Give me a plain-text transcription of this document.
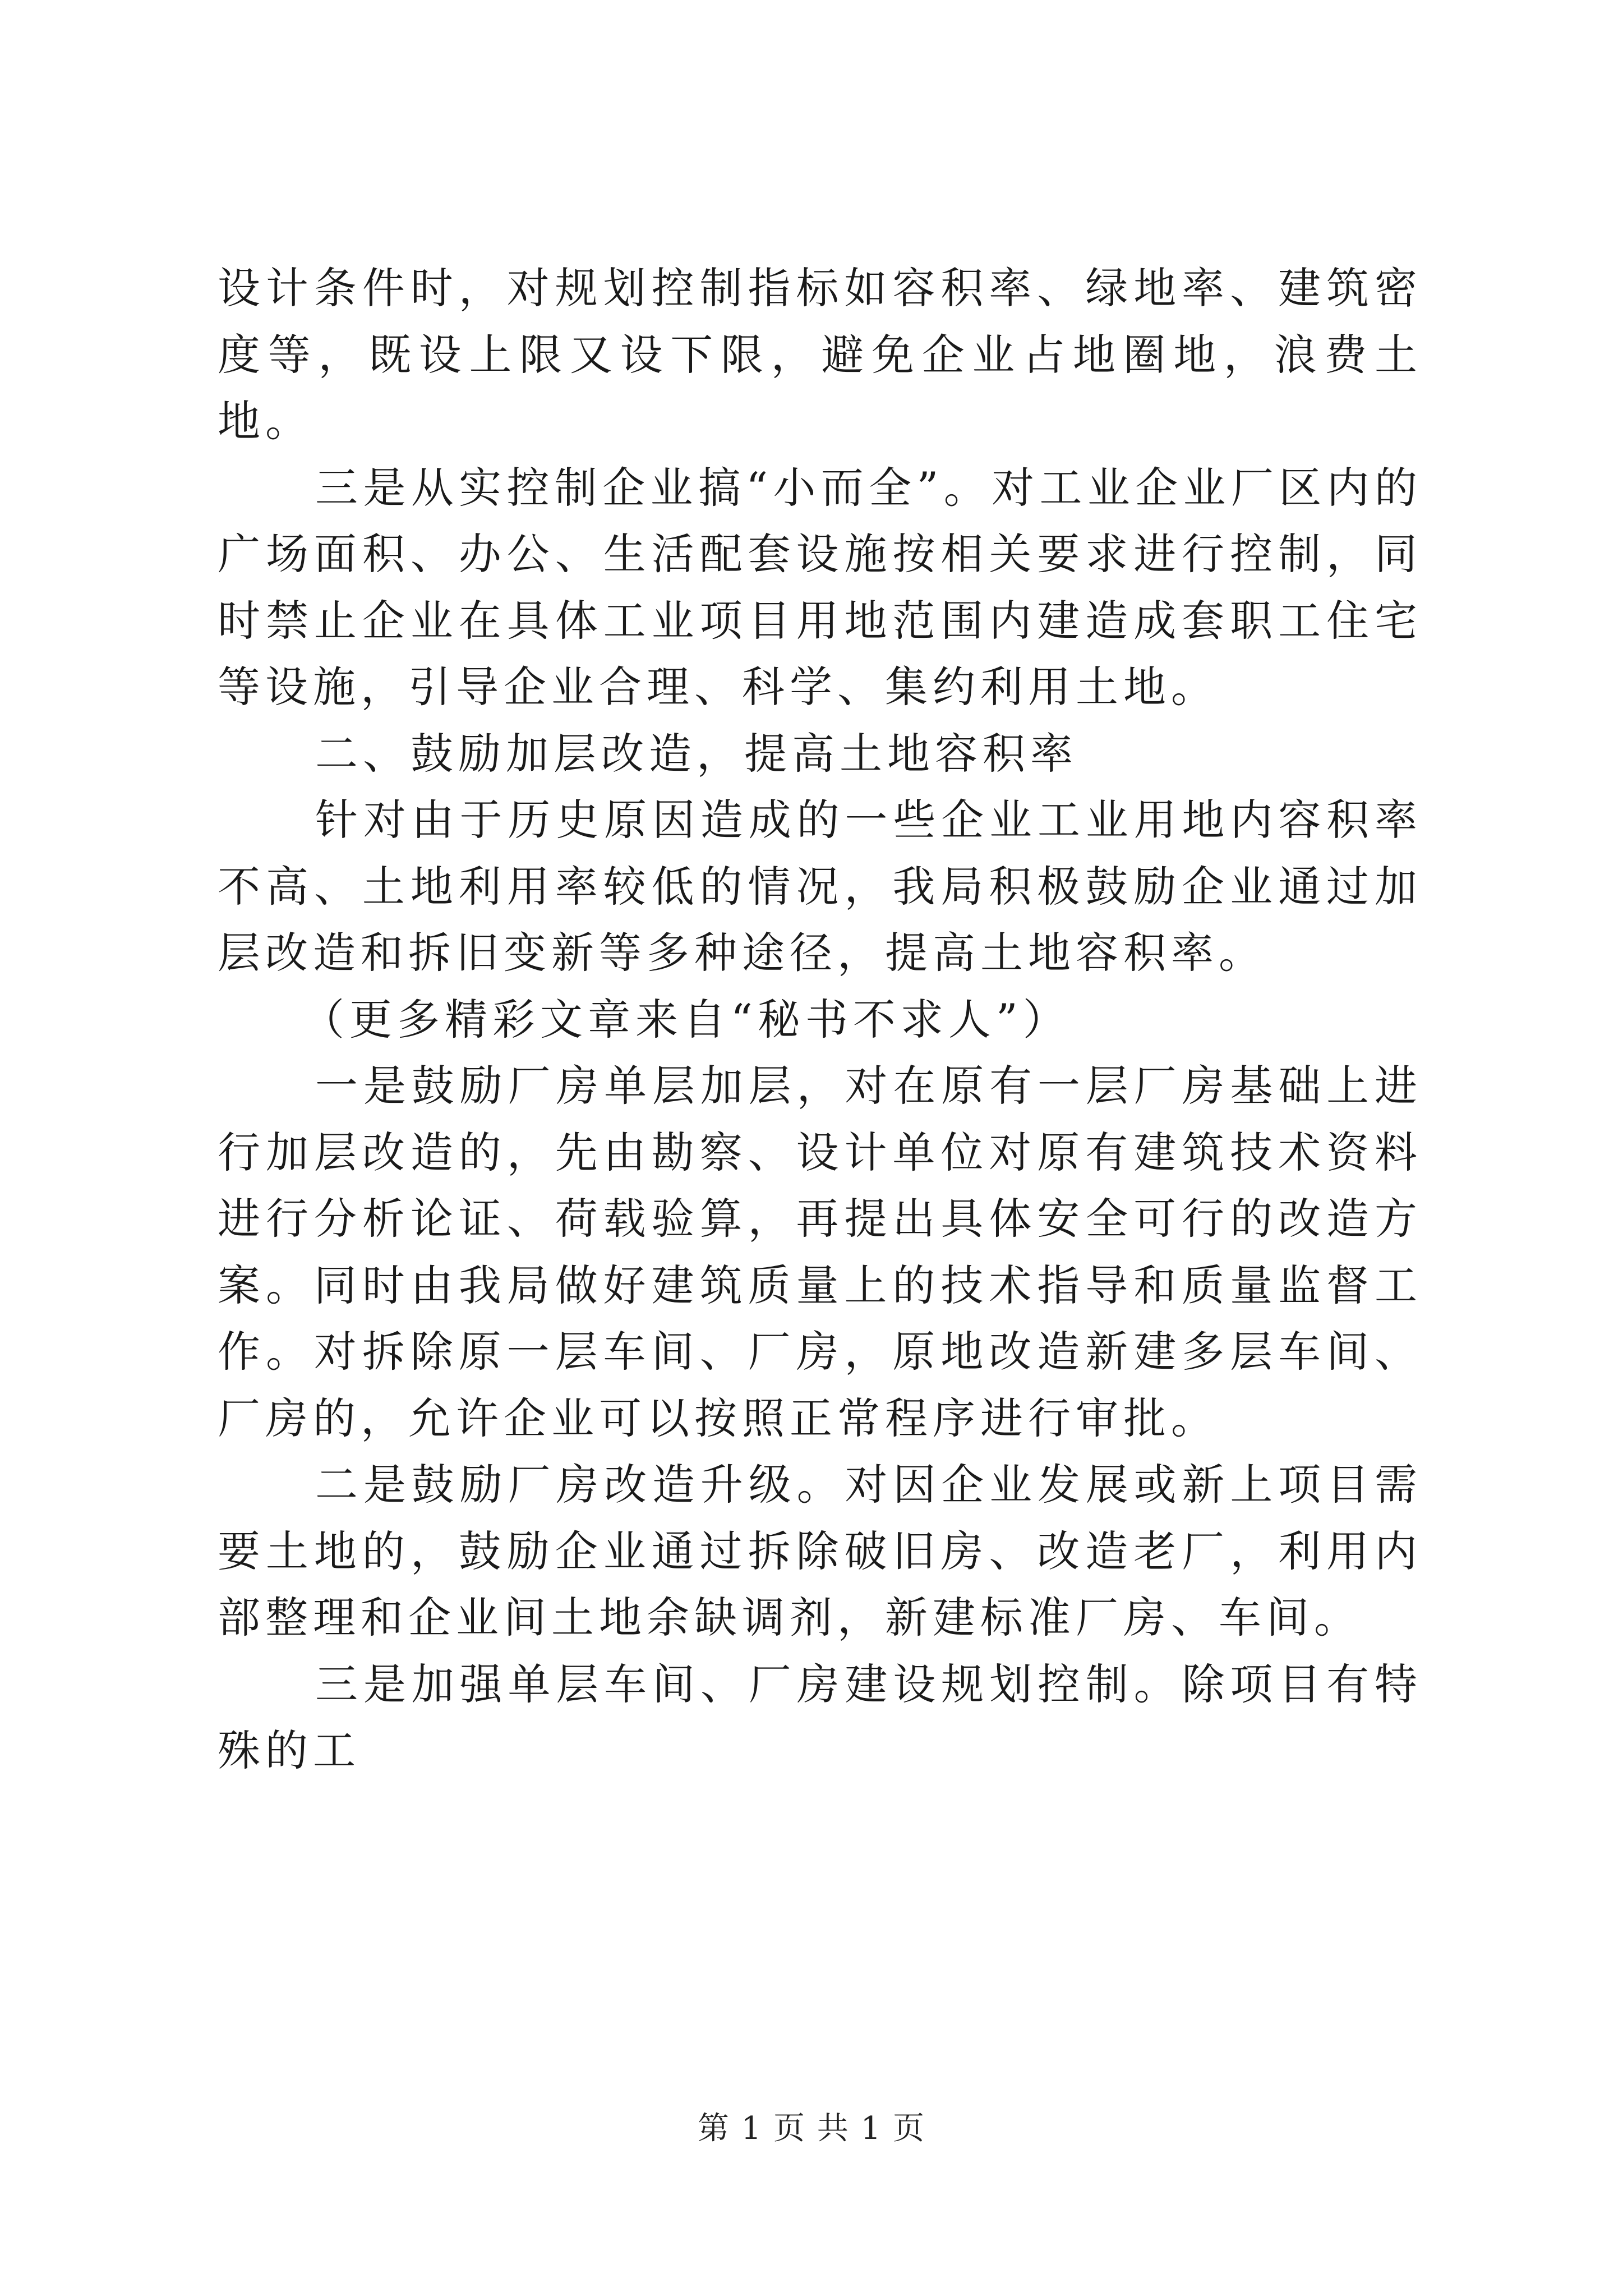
设计条件时，对规划控制指标如容积率、绿地率、建筑密度等，既设上限又设下限，避免企业占地圈地，浪费土地。

三是从实控制企业搞“小而全”。对工业企业厂区内的广场面积、办公、生活配套设施按相关要求进行控制，同时禁止企业在具体工业项目用地范围内建造成套职工住宅等设施，引导企业合理、科学、集约利用土地。

二、鼓励加层改造，提高土地容积率

针对由于历史原因造成的一些企业工业用地内容积率不高、土地利用率较低的情况，我局积极鼓励企业通过加层改造和拆旧变新等多种途径，提高土地容积率。

（更多精彩文章来自“秘书不求人”）

一是鼓励厂房单层加层，对在原有一层厂房基础上进行加层改造的，先由勘察、设计单位对原有建筑技术资料进行分析论证、荷载验算，再提出具体安全可行的改造方案。同时由我局做好建筑质量上的技术指导和质量监督工作。对拆除原一层车间、厂房，原地改造新建多层车间、厂房的，允许企业可以按照正常程序进行审批。

二是鼓励厂房改造升级。对因企业发展或新上项目需要土地的，鼓励企业通过拆除破旧房、改造老厂，利用内部整理和企业间土地余缺调剂，新建标准厂房、车间。

三是加强单层车间、厂房建设规划控制。除项目有特殊的工

第 1 页 共 1 页
